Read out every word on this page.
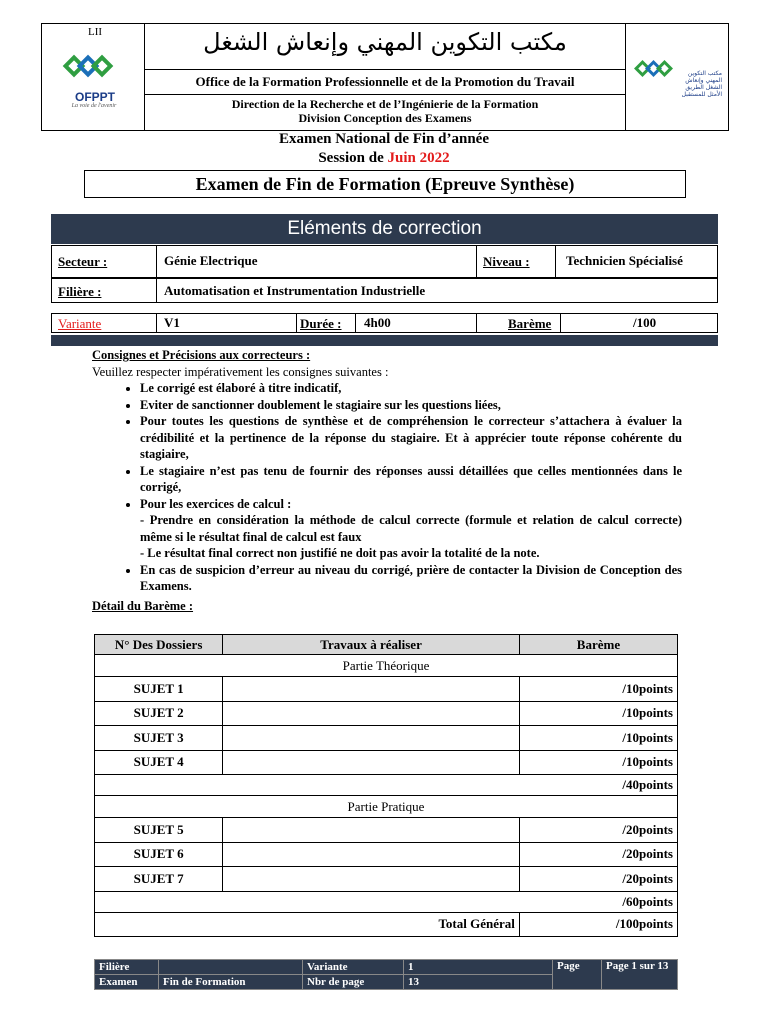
LII
OFPPT
La voie de l'avenir
مكتب التكوين المهني وإنعاش الشغل الطريق الأمثل للمستقبل
مكتب التكوين المهني وإنعاش الشغل
Office de la Formation Professionnelle et de la Promotion du Travail
Direction de la Recherche et de l’Ingénierie de la Formation
Division Conception des Examens
Examen National de Fin d’année
Session de Juin 2022
Examen de Fin de Formation (Epreuve Synthèse)
Eléments de correction
Secteur :	Génie Electrique	Niveau :	Technicien Spécialisé
Filière :	Automatisation et Instrumentation Industrielle
Variante	V1	Durée : 4h00	Barème	/100
Consignes et Précisions aux correcteurs :
Veuillez respecter impérativement les consignes suivantes :
• Le corrigé est élaboré à titre indicatif,
• Eviter de sanctionner doublement le stagiaire sur les questions liées,
• Pour toutes les questions de synthèse et de compréhension le correcteur s’attachera à évaluer la crédibilité et la pertinence de la réponse du stagiaire. Et à apprécier toute réponse cohérente du stagiaire,
• Le stagiaire n’est pas tenu de fournir des réponses aussi détaillées que celles mentionnées dans le corrigé,
• Pour les exercices de calcul :
- Prendre en considération la méthode de calcul correcte (formule et relation de calcul correcte) même si le résultat final de calcul est faux
- Le résultat final correct non justifié ne doit pas avoir la totalité de la note.
• En cas de suspicion d’erreur au niveau du corrigé, prière de contacter la Division de Conception des Examens.
Détail du Barème :
N° Des Dossiers	Travaux à réaliser	Barème
Partie Théorique		
SUJET 1		/10points
SUJET 2		/10points
SUJET 3		/10points
SUJET 4		/10points
/40points		
Partie Pratique		
SUJET 5		/20points
SUJET 6		/20points
SUJET 7		/20points
/60points		
Total Général		/100points
Filière		Variante	1	Page	Page 1 sur 13
Examen	Fin de Formation	Nbr de page	13		
